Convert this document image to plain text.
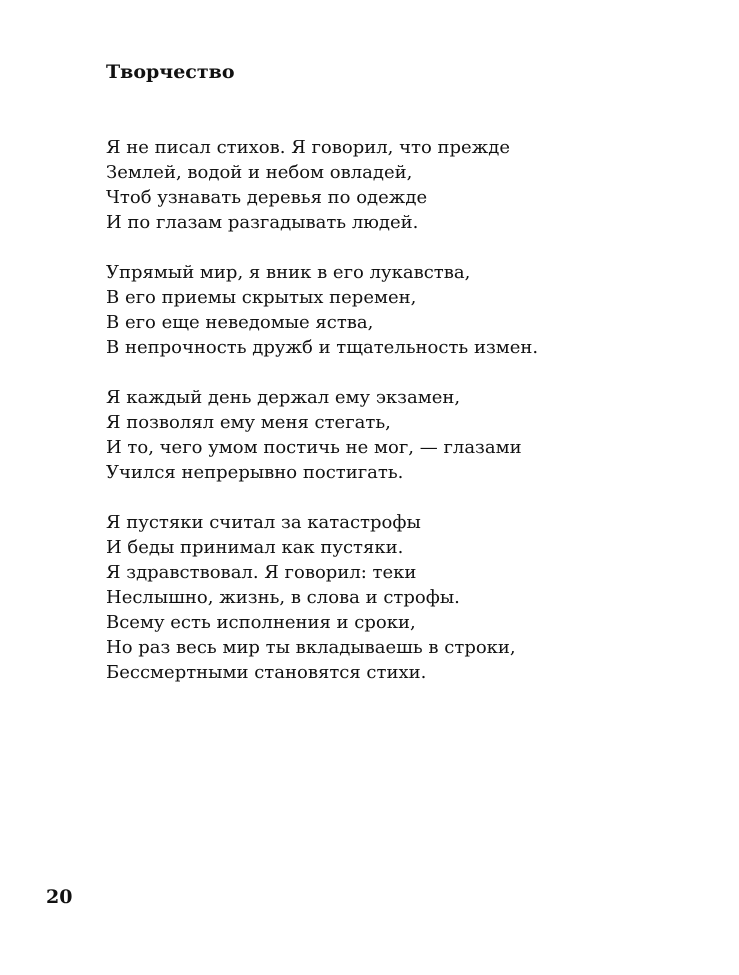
Творчество
Я не писал стихов. Я говорил, что прежде
Землей, водой и небом овладей,
Чтоб узнавать деревья по одежде
И по глазам разгадывать людей.
Упрямый мир, я вник в его лукавства,
В его приемы скрытых перемен,
В его еще неведомые яства,
В непрочность дружб и тщательность измен.
Я каждый день держал ему экзамен,
Я позволял ему меня стегать,
И то, чего умом постичь не мог, — глазами
Учился непрерывно постигать.
Я пустяки считал за катастрофы
И беды принимал как пустяки.
Я здравствовал. Я говорил: теки
Неслышно, жизнь, в слова и строфы.
Всему есть исполнения и сроки,
Но раз весь мир ты вкладываешь в строки,
Бессмертными становятся стихи.
20
